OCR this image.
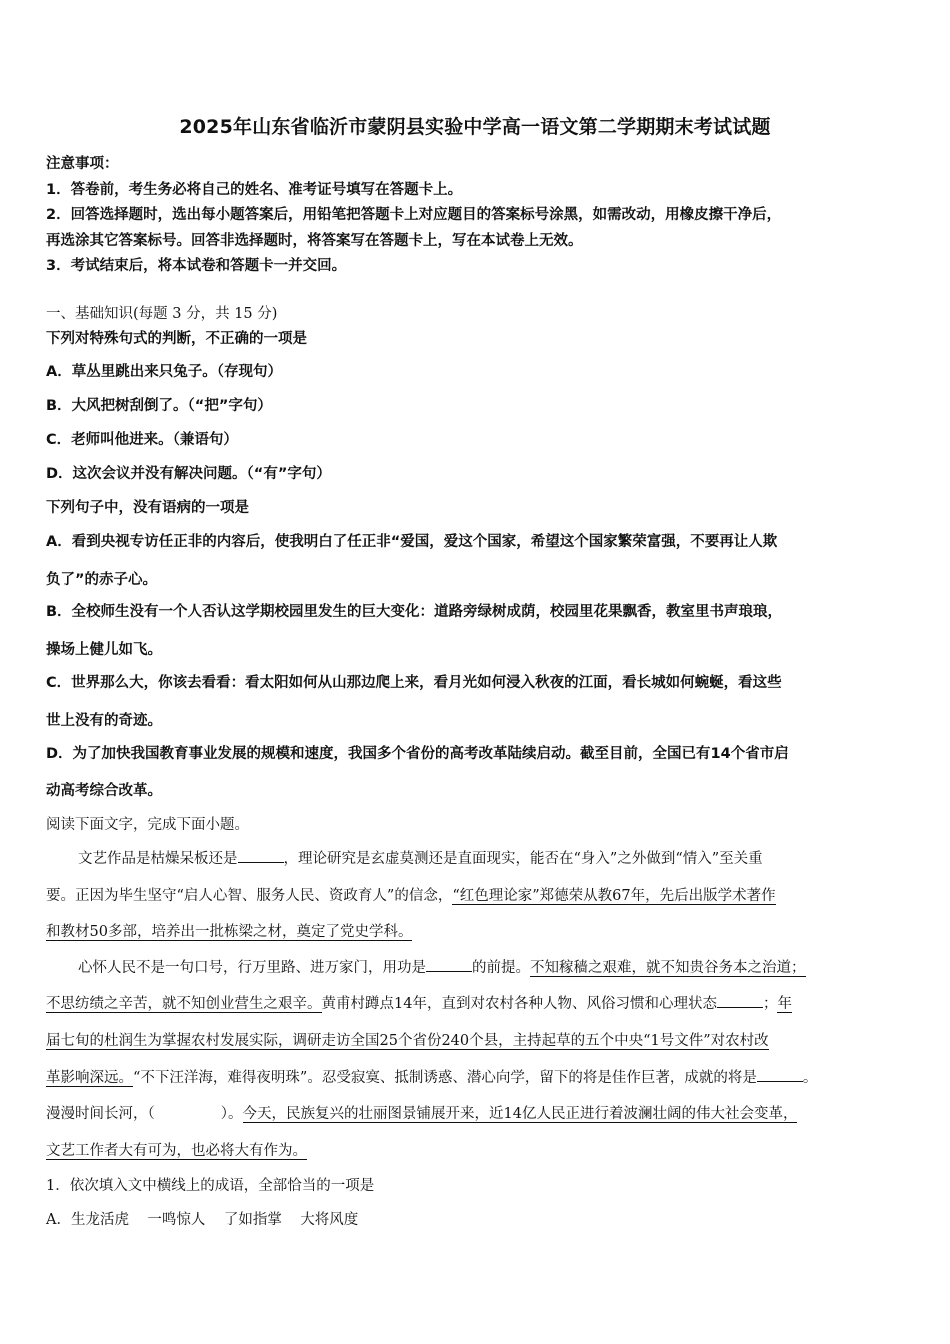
2025年山东省临沂市蒙阴县实验中学高一语文第二学期期末考试试题
注意事项：
1．答卷前，考生务必将自己的姓名、准考证号填写在答题卡上。
2．回答选择题时，选出每小题答案后，用铅笔把答题卡上对应题目的答案标号涂黑，如需改动，用橡皮擦干净后，
再选涂其它答案标号。回答非选择题时，将答案写在答题卡上，写在本试卷上无效。
3．考试结束后，将本试卷和答题卡一并交回。
一、基础知识(每题 3 分，共 15 分)
下列对特殊句式的判断，不正确的一项是
A．草丛里跳出来只兔子。（存现句）
B．大风把树刮倒了。（“把”字句）
C．老师叫他进来。（兼语句）
D．这次会议并没有解决问题。（“有”字句）
下列句子中，没有语病的一项是
A．看到央视专访任正非的内容后，使我明白了任正非“爱国，爱这个国家，希望这个国家繁荣富强，不要再让人欺
负了”的赤子心。
B．全校师生没有一个人否认这学期校园里发生的巨大变化：道路旁绿树成荫，校园里花果飘香，教室里书声琅琅，
操场上健儿如飞。
C．世界那么大，你该去看看：看太阳如何从山那边爬上来，看月光如何浸入秋夜的江面，看长城如何蜿蜒，看这些
世上没有的奇迹。
D．为了加快我国教育事业发展的规模和速度，我国多个省份的高考改革陆续启动。截至目前，全国已有14个省市启
动高考综合改革。
阅读下面文字，完成下面小题。
文艺作品是枯燥呆板还是	，理论研究是玄虚莫测还是直面现实，能否在“身入”之外做到“情入”至关重
要。正因为毕生坚守“启人心智、服务人民、资政育人”的信念，“红色理论家”郑德荣从教67年，先后出版学术著作
和教材50多部，培养出一批栋梁之材，奠定了党史学科。
心怀人民不是一句口号，行万里路、进万家门，用功是	的前提。不知稼穑之艰难，就不知贵谷务本之治道；
不思纺绩之辛苦，就不知创业营生之艰辛。黄甫村蹲点14年，直到对农村各种人物、风俗习惯和心理状态	；年
届七旬的杜润生为掌握农村发展实际，调研走访全国25个省份240个县，主持起草的五个中央“1号文件”对农村改
革影响深远。“不下汪洋海，难得夜明珠”。忍受寂寞、抵制诱惑、潜心向学，留下的将是佳作巨著，成就的将是	。
漫漫时间长河，（	）。今天，民族复兴的壮丽图景铺展开来，近14亿人民正进行着波澜壮阔的伟大社会变革，
文艺工作者大有可为，也必将大有作为。
1．依次填入文中横线上的成语，全部恰当的一项是
A．生龙活虎    一鸣惊人    了如指掌    大将风度
